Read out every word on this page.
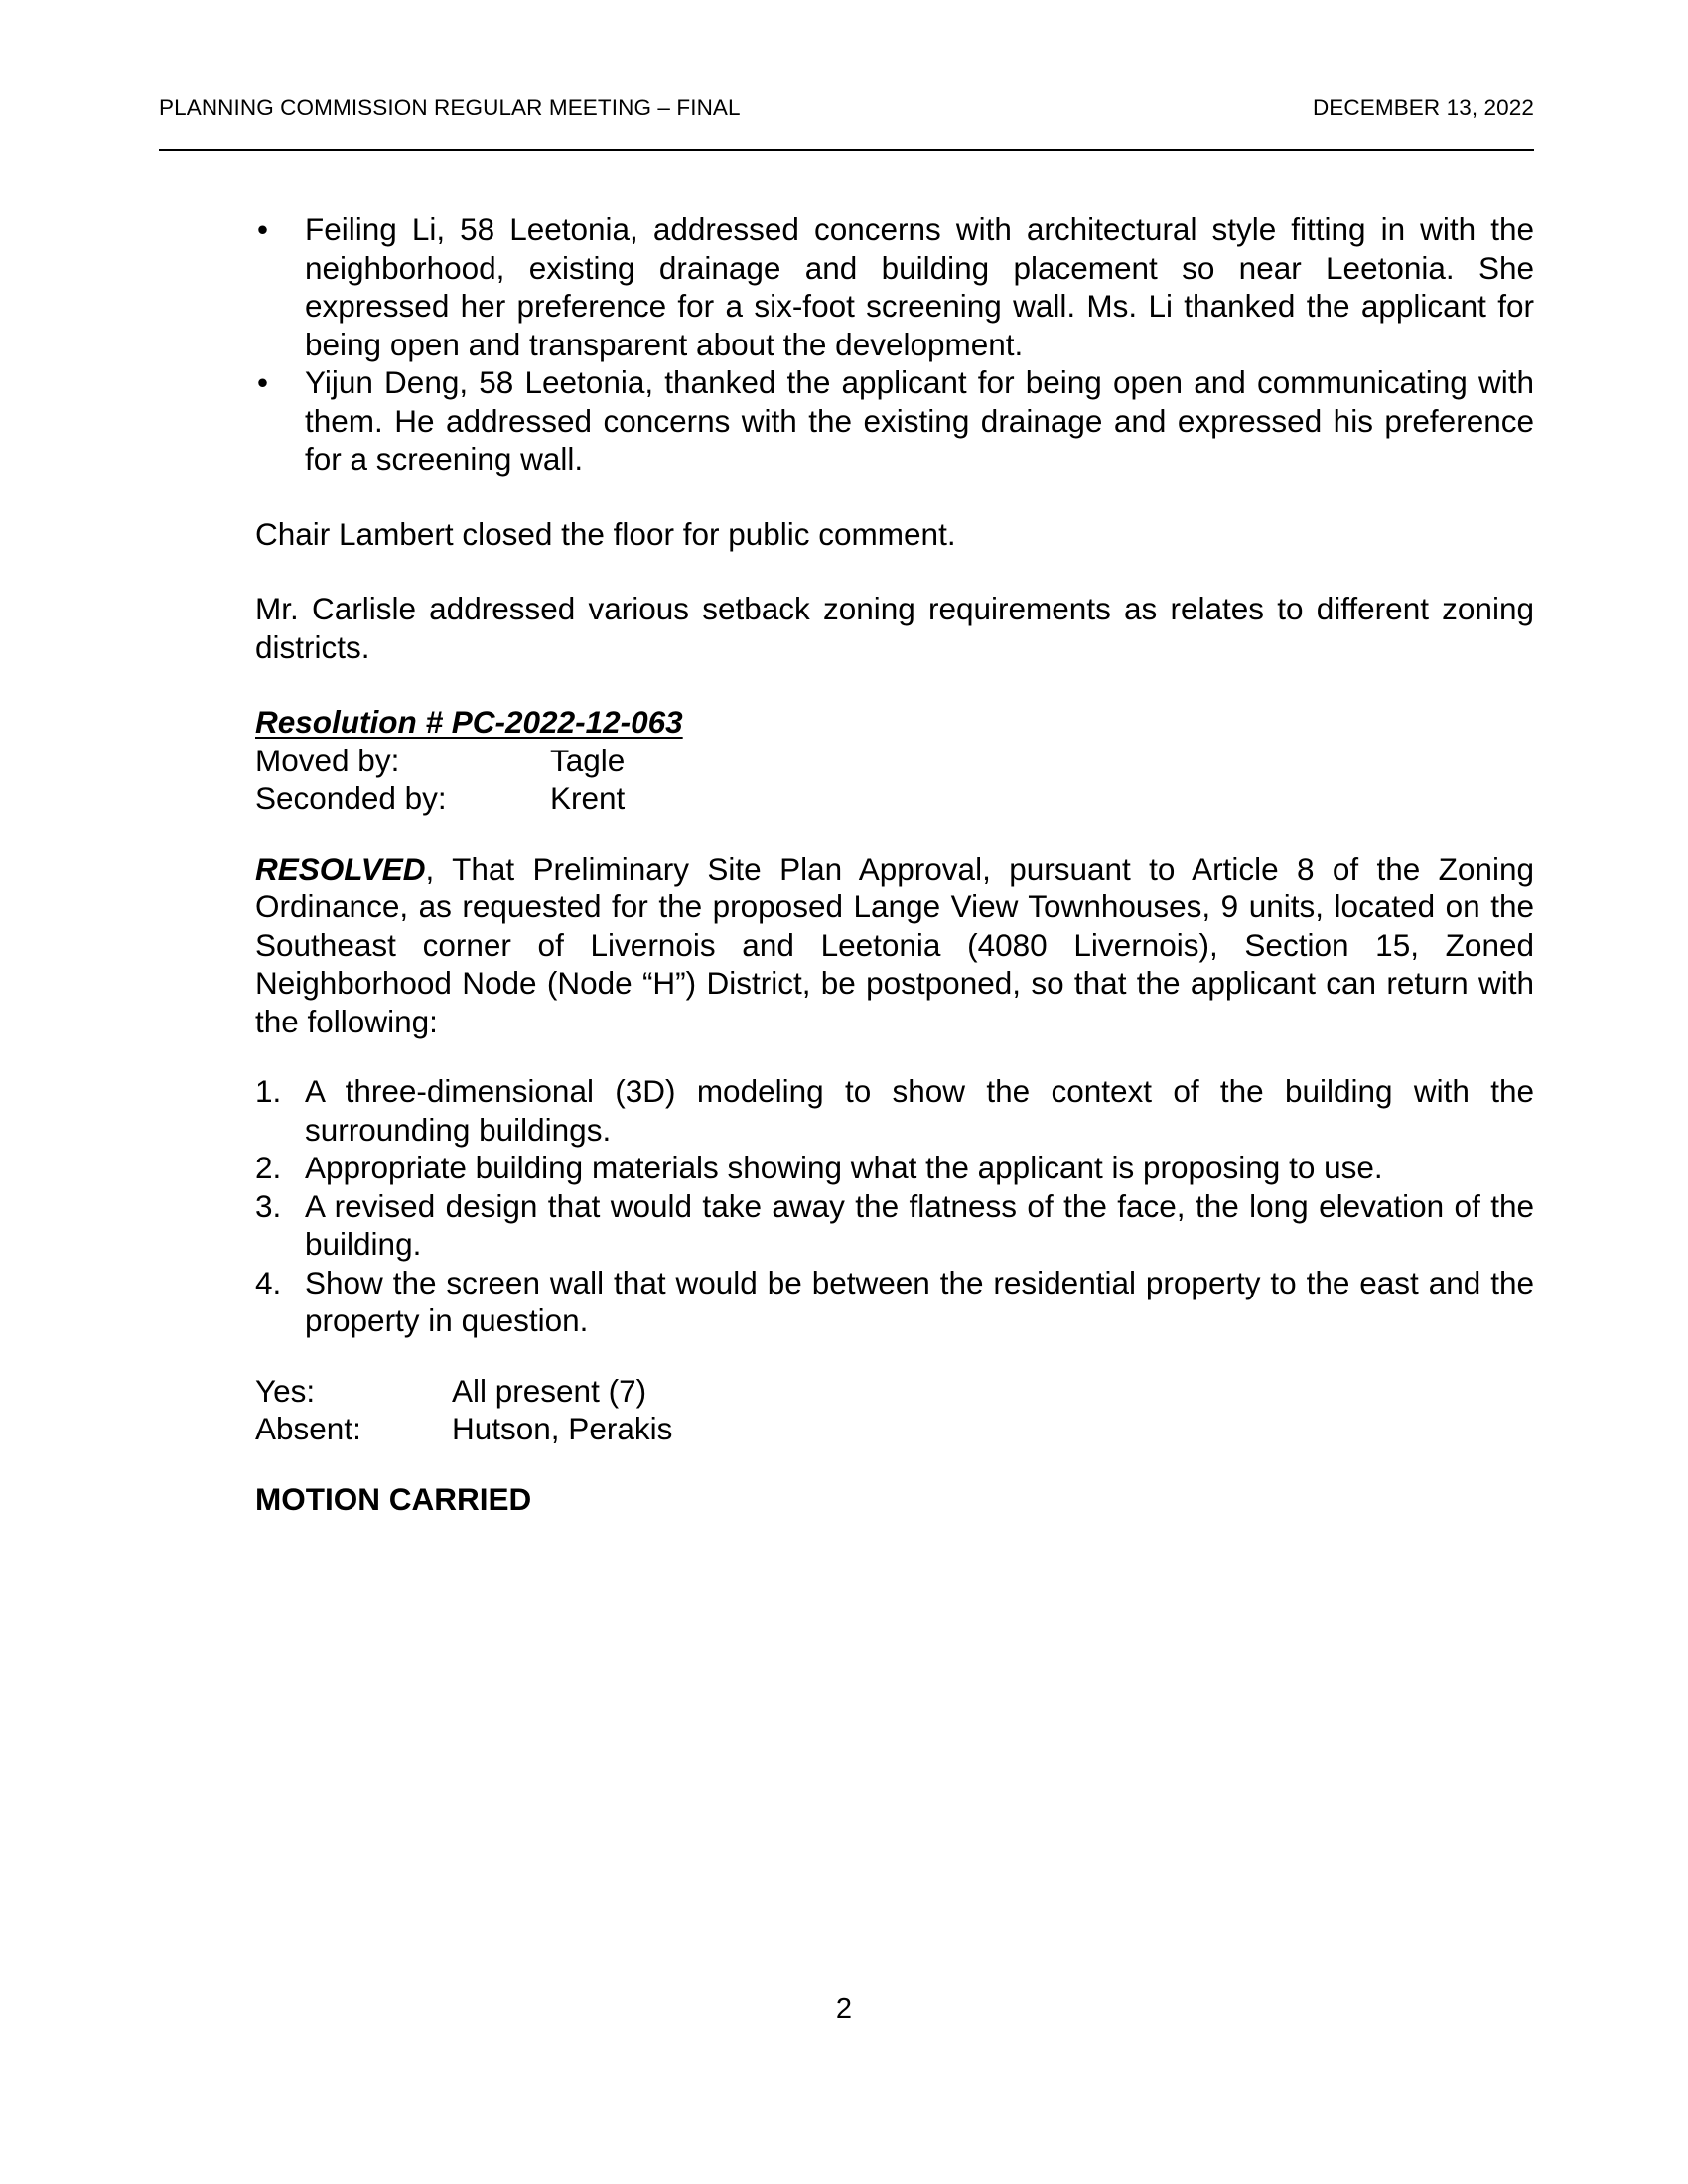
PLANNING COMMISSION REGULAR MEETING – FINAL	DECEMBER 13, 2022
• Feiling Li, 58 Leetonia, addressed concerns with architectural style fitting in with the neighborhood, existing drainage and building placement so near Leetonia. She expressed her preference for a six-foot screening wall. Ms. Li thanked the applicant for being open and transparent about the development.
• Yijun Deng, 58 Leetonia, thanked the applicant for being open and communicating with them. He addressed concerns with the existing drainage and expressed his preference for a screening wall.

Chair Lambert closed the floor for public comment.

Mr. Carlisle addressed various setback zoning requirements as relates to different zoning districts.

Resolution # PC-2022-12-063
Moved by:	Tagle
Seconded by:	Krent

RESOLVED, That Preliminary Site Plan Approval, pursuant to Article 8 of the Zoning Ordinance, as requested for the proposed Lange View Townhouses, 9 units, located on the Southeast corner of Livernois and Leetonia (4080 Livernois), Section 15, Zoned Neighborhood Node (Node “H”) District, be postponed, so that the applicant can return with the following:

1. A three-dimensional (3D) modeling to show the context of the building with the surrounding buildings.
2. Appropriate building materials showing what the applicant is proposing to use.
3. A revised design that would take away the flatness of the face, the long elevation of the building.
4. Show the screen wall that would be between the residential property to the east and the property in question.
Yes:	All present (7)
Absent:	Hutson, Perakis
MOTION CARRIED
2
